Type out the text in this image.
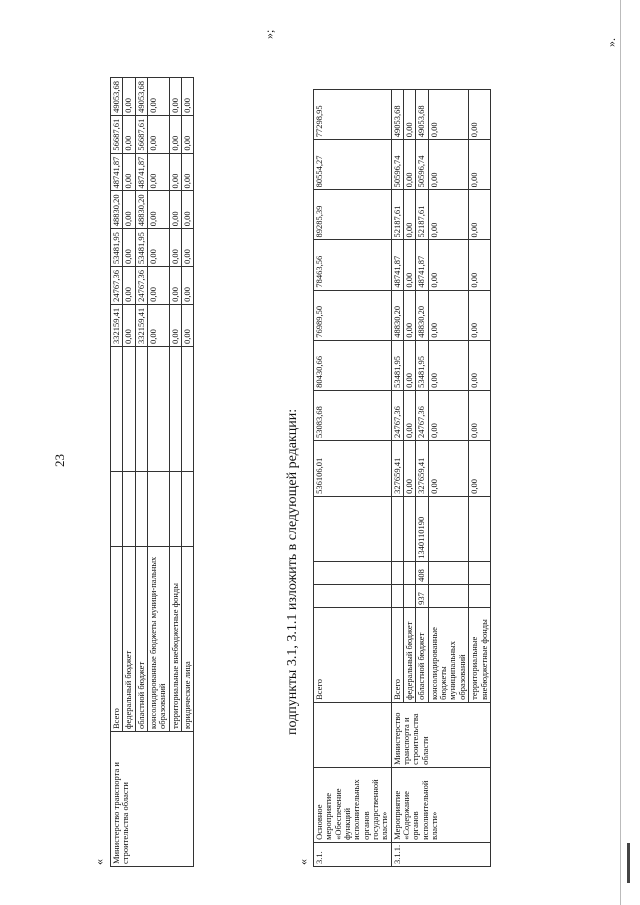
23
« Министерство транспорта и строительства области	Всего			332159,41	24767,36	53481,95	48830,20	48741,87	56687,61	49053,68
	федеральный бюджет			0,00	0,00	0,00	0,00	0,00	0,00	0,00
	областной бюджет			332159,41	24767,36	53481,95	48830,20	48741,87	56687,61	49053,68
	консолидированные бюджеты муници-пальных образований			0,00	0,00	0,00	0,00	0,00	0,00	0,00
	территориальные внебюджетные фонды			0,00	0,00	0,00	0,00	0,00	0,00	0,00
	юридические лица			0,00	0,00	0,00	0,00	0,00	0,00	0,00
»;
подпункты 3.1, 3.1.1 изложить в следующей редакции:
« 3.1.	Основное мероприятие «Обеспечение функций исполнительных органов государственной власти»		Всего				536106,01	53083,68	80430,66	76989,50	78463,56	89285,39	80554,27	77298,95
3.1.1.	Мероприятие «Содержание органов исполнительной власти»	Министерство транспорта и строительства области	Всего				327659,41	24767,36	53481,95	48830,20	48741,87	52187,61	50596,74	49053,68
			федеральный бюджет				0,00	0,00	0,00	0,00	0,00	0,00	0,00	0,00
			областной бюджет	937	408	1340110190	327659,41	24767,36	53481,95	48830,20	48741,87	52187,61	50596,74	49053,68
			консолидированные бюджеты муниципальных образований				0,00	0,00	0,00	0,00	0,00	0,00	0,00	0,00
			территориальные внебюджетные фонды				0,00	0,00	0,00	0,00	0,00	0,00	0,00	0,00
».
